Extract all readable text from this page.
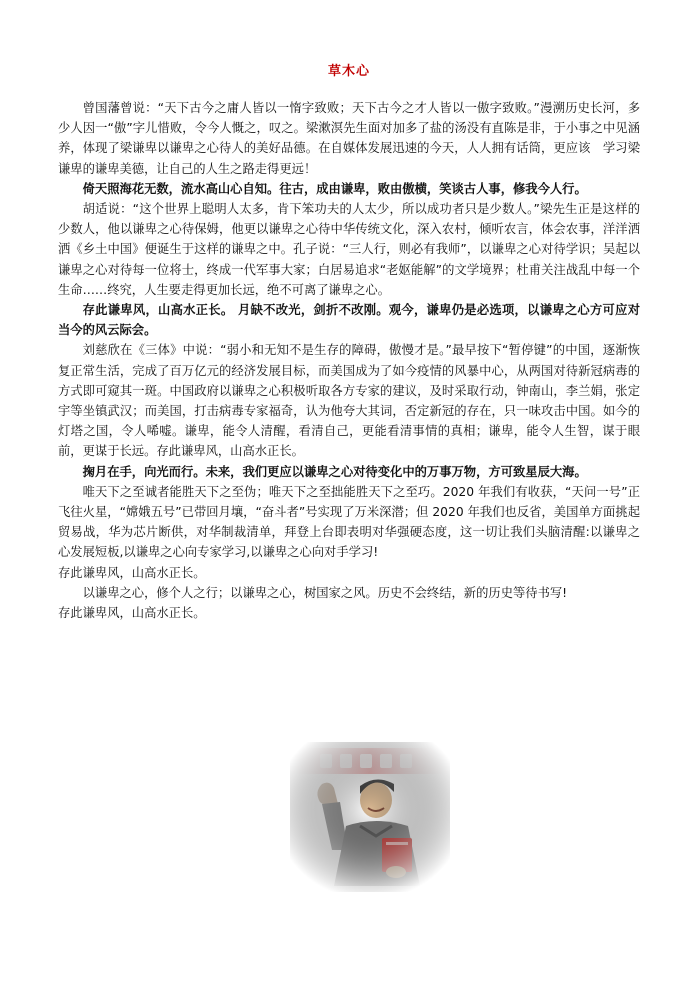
草木心

曾国藩曾说：“天下古今之庸人皆以一惰字致败；天下古今之才人皆以一傲字致败。”漫溯历史长河，多少人因一“傲”字儿惜败，令今人慨之，叹之。梁漱溟先生面对加多了盐的汤没有直陈是非，于小事之中见涵养，体现了梁谦卑以谦卑之心待人的美好品德。在自媒体发展迅速的今天，人人拥有话筒，更应该　学习梁谦卑的谦卑美德，让自己的人生之路走得更远！

倚天照海花无数，流水高山心自知。往古，成由谦卑，败由傲横，笑谈古人事，修我今人行。

胡适说：“这个世界上聪明人太多，肯下笨功夫的人太少，所以成功者只是少数人。”梁先生正是这样的少数人，他以谦卑之心待保姆，他更以谦卑之心待中华传统文化，深入农村，倾听农言，体会农事，洋洋洒洒《乡土中国》便诞生于这样的谦卑之中。孔子说：“三人行，则必有我师”，以谦卑之心对待学识；吴起以谦卑之心对待每一位将士，终成一代军事大家；白居易追求“老妪能解”的文学境界；杜甫关注战乱中每一个生命……终究，人生要走得更加长远，绝不可离了谦卑之心。

存此谦卑风，山高水正长。 月缺不改光，剑折不改刚。观今，谦卑仍是必选项，以谦卑之心方可应对当今的风云际会。

刘慈欣在《三体》中说：“弱小和无知不是生存的障碍，傲慢才是。”最早按下“暂停键”的中国，逐渐恢复正常生活，完成了百万亿元的经济发展目标，而美国成为了如今疫情的风暴中心，从两国对待新冠病毒的方式即可窥其一斑。中国政府以谦卑之心积极听取各方专家的建议，及时采取行动，钟南山，李兰娟，张定宇等坐镇武汉；而美国，打击病毒专家福奇，认为他夸大其词，否定新冠的存在，只一味攻击中国。如今的灯塔之国，令人唏嘘。谦卑，能令人清醒，看清自己，更能看清事情的真相；谦卑，能令人生智，谋于眼前，更谋于长远。存此谦卑风，山高水正长。

掬月在手，向光而行。未来，我们更应以谦卑之心对待变化中的万事万物，方可致星辰大海。

唯天下之至诚者能胜天下之至伪；唯天下之至拙能胜天下之至巧。2020 年我们有收获，“天问一号”正飞往火星，“嫦娥五号”已带回月壤，“奋斗者”号实现了万米深潜；但 2020 年我们也反省，美国单方面挑起贸易战，华为芯片断供，对华制裁清单，拜登上台即表明对华强硬态度，这一切让我们头脑清醒:以谦卑之心发展短板,以谦卑之心向专家学习,以谦卑之心向对手学习!

存此谦卑风，山高水正长。

以谦卑之心，修个人之行；以谦卑之心，树国家之风。历史不会终结，新的历史等待书写!

存此谦卑风，山高水正长。
